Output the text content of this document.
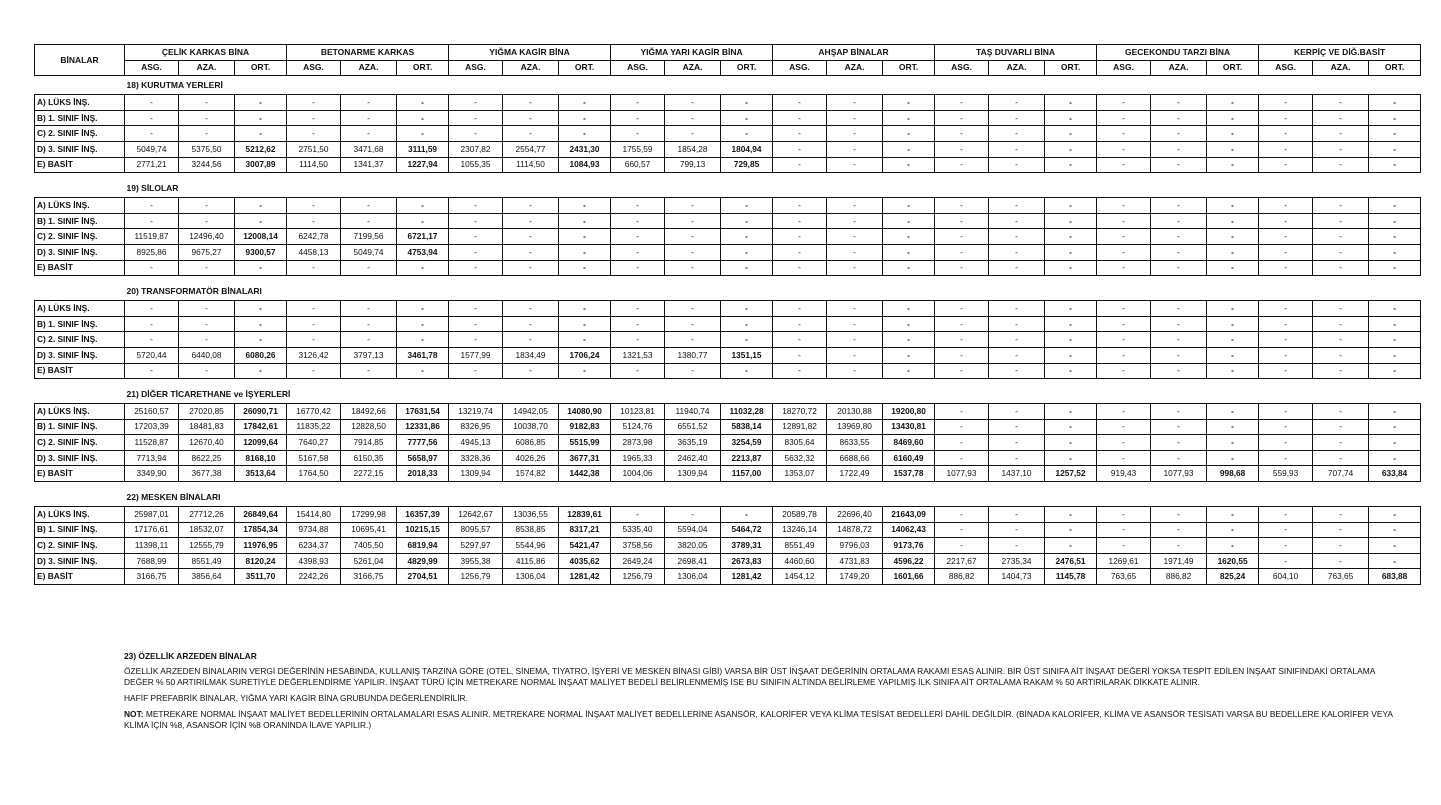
BİNALAR	ÇELİK KARKAS BİNA			BETONARME KARKAS			YIĞMA KAGİR BİNA			YIĞMA YARI KAGİR BİNA			AHŞAP BİNALAR			TAŞ DUVARLI BİNA			GECEKONDU TARZI BİNA			KERPİÇ VE DİĞ.BASİT		
	ASG.	AZA.	ORT.	ASG.	AZA.	ORT.	ASG.	AZA.	ORT.	ASG.	AZA.	ORT.	ASG.	AZA.	ORT.	ASG.	AZA.	ORT.	ASG.	AZA.	ORT.	ASG.	AZA.	ORT.
	18) KURUTMA YERLERİ																							
A) LÜKS İNŞ.	-	-	-	-	-	-	-	-	-	-	-	-	-	-	-	-	-	-	-	-	-	-	-	-
B) 1. SINIF İNŞ.	-	-	-	-	-	-	-	-	-	-	-	-	-	-	-	-	-	-	-	-	-	-	-	-
C) 2. SINIF İNŞ.	-	-	-	-	-	-	-	-	-	-	-	-	-	-	-	-	-	-	-	-	-	-	-	-
D) 3. SINIF İNŞ.	5049,74	5375,50	5212,62	2751,50	3471,68	3111,59	2307,82	2554,77	2431,30	1755,59	1854,28	1804,94	-	-	-	-	-	-	-	-	-	-	-	-
E) BASİT	2771,21	3244,56	3007,89	1114,50	1341,37	1227,94	1055,35	1114,50	1084,93	660,57	799,13	729,85	-	-	-	-	-	-	-	-	-	-	-	-

	19) SİLOLAR																							
A) LÜKS İNŞ.	-	-	-	-	-	-	-	-	-	-	-	-	-	-	-	-	-	-	-	-	-	-	-	-
B) 1. SINIF İNŞ.	-	-	-	-	-	-	-	-	-	-	-	-	-	-	-	-	-	-	-	-	-	-	-	-
C) 2. SINIF İNŞ.	11519,87	12496,40	12008,14	6242,78	7199,56	6721,17	-	-	-	-	-	-	-	-	-	-	-	-	-	-	-	-	-	-
D) 3. SINIF İNŞ.	8925,86	9675,27	9300,57	4458,13	5049,74	4753,94	-	-	-	-	-	-	-	-	-	-	-	-	-	-	-	-	-	-
E) BASİT	-	-	-	-	-	-	-	-	-	-	-	-	-	-	-	-	-	-	-	-	-	-	-	-

	20) TRANSFORMATÖR BİNALARI																							
A) LÜKS İNŞ.	-	-	-	-	-	-	-	-	-	-	-	-	-	-	-	-	-	-	-	-	-	-	-	-
B) 1. SINIF İNŞ.	-	-	-	-	-	-	-	-	-	-	-	-	-	-	-	-	-	-	-	-	-	-	-	-
C) 2. SINIF İNŞ.	-	-	-	-	-	-	-	-	-	-	-	-	-	-	-	-	-	-	-	-	-	-	-	-
D) 3. SINIF İNŞ.	5720,44	6440,08	6080,26	3126,42	3797,13	3461,78	1577,99	1834,49	1706,24	1321,53	1380,77	1351,15	-	-	-	-	-	-	-	-	-	-	-	-
E) BASİT	-	-	-	-	-	-	-	-	-	-	-	-	-	-	-	-	-	-	-	-	-	-	-	-

	21) DİĞER TİCARETHANE ve İŞYERLERİ																							
A) LÜKS İNŞ.	25160,57	27020,85	26090,71	16770,42	18492,66	17631,54	13219,74	14942,05	14080,90	10123,81	11940,74	11032,28	18270,72	20130,88	19200,80	-	-	-	-	-	-	-	-	-
B) 1. SINIF İNŞ.	17203,39	18481,83	17842,61	11835,22	12828,50	12331,86	8326,95	10038,70	9182,83	5124,76	6551,52	5838,14	12891,82	13969,80	13430,81	-	-	-	-	-	-	-	-	-
C) 2. SINIF İNŞ.	11528,87	12670,40	12099,64	7640,27	7914,85	7777,56	4945,13	6086,85	5515,99	2873,98	3635,19	3254,59	8305,64	8633,55	8469,60	-	-	-	-	-	-	-	-	-
D) 3. SINIF İNŞ.	7713,94	8622,25	8168,10	5167,58	6150,35	5658,97	3328,36	4026,26	3677,31	1965,33	2462,40	2213,87	5632,32	6688,66	6160,49	-	-	-	-	-	-	-	-	-
E) BASİT	3349,90	3677,38	3513,64	1764,50	2272,15	2018,33	1309,94	1574,82	1442,38	1004,06	1309,94	1157,00	1353,07	1722,49	1537,78	1077,93	1437,10	1257,52	919,43	1077,93	998,68	559,93	707,74	633,84

	22) MESKEN BİNALARI																							
A) LÜKS İNŞ.	25987,01	27712,26	26849,64	15414,80	17299,98	16357,39	12642,67	13036,55	12839,61	-	-	-	20589,78	22696,40	21643,09	-	-	-	-	-	-	-	-	-
B) 1. SINIF İNŞ.	17176,61	18532,07	17854,34	9734,88	10695,41	10215,15	8095,57	8538,85	8317,21	5335,40	5594,04	5464,72	13246,14	14878,72	14062,43	-	-	-	-	-	-	-	-	-
C) 2. SINIF İNŞ.	11398,11	12555,79	11976,95	6234,37	7405,50	6819,94	5297,97	5544,96	5421,47	3758,56	3820,05	3789,31	8551,49	9796,03	9173,76	-	-	-	-	-	-	-	-	-
D) 3. SINIF İNŞ.	7688,99	8551,49	8120,24	4398,93	5261,04	4829,99	3955,38	4115,86	4035,62	2649,24	2698,41	2673,83	4460,60	4731,83	4596,22	2217,67	2735,34	2476,51	1269,61	1971,49	1620,55	-	-	-
E) BASİT	3166,75	3856,64	3511,70	2242,26	3166,75	2704,51	1256,79	1306,04	1281,42	1256,79	1306,04	1281,42	1454,12	1749,20	1601,66	886,82	1404,73	1145,78	763,65	886,82	825,24	604,10	763,65	683,88
23) ÖZELLİK ARZEDEN BİNALAR

ÖZELLİK ARZEDEN BİNALARIN VERGİ DEĞERİNİN HESABINDA, KULLANIŞ TARZINA GÖRE (OTEL, SİNEMA, TİYATRO, İŞYERİ VE MESKEN BİNASI GİBİ) VARSA BİR ÜST İNŞAAT DEĞERİNİN ORTALAMA RAKAMI ESAS ALINIR. BİR ÜST SINIFA AİT İNŞAAT DEĞERİ YOKSA TESPİT EDİLEN İNŞAAT SINIFINDAKİ ORTALAMA DEĞER % 50 ARTIRILMAK SURETİYLE DEĞERLENDİRME YAPILIR. İNŞAAT TÜRÜ İÇİN METREKARE NORMAL İNŞAAT MALİYET BEDELİ BELİRLENMEMİŞ İSE BU SINIFIN ALTINDA BELİRLEME YAPILMIŞ İLK SINIFA AİT ORTALAMA RAKAM % 50 ARTIRILARAK DİKKATE ALINIR.

HAFİF PREFABRİK BİNALAR, YIĞMA YARI KAGİR BİNA GRUBUNDA DEĞERLENDİRİLİR.

NOT: METREKARE NORMAL İNŞAAT MALİYET BEDELLERİNİN ORTALAMALARI ESAS ALINIR. METREKARE NORMAL İNŞAAT MALİYET BEDELLERİNE ASANSÖR, KALORİFER VEYA KLİMA TESİSAT BEDELLERİ DAHİL DEĞİLDİR. (BİNADA KALORİFER, KLİMA VE ASANSÖR TESİSATI VARSA BU BEDELLERE KALORİFER VEYA KLİMA İÇİN %8, ASANSÖR İÇİN %8 ORANINDA İLAVE YAPILIR.)
